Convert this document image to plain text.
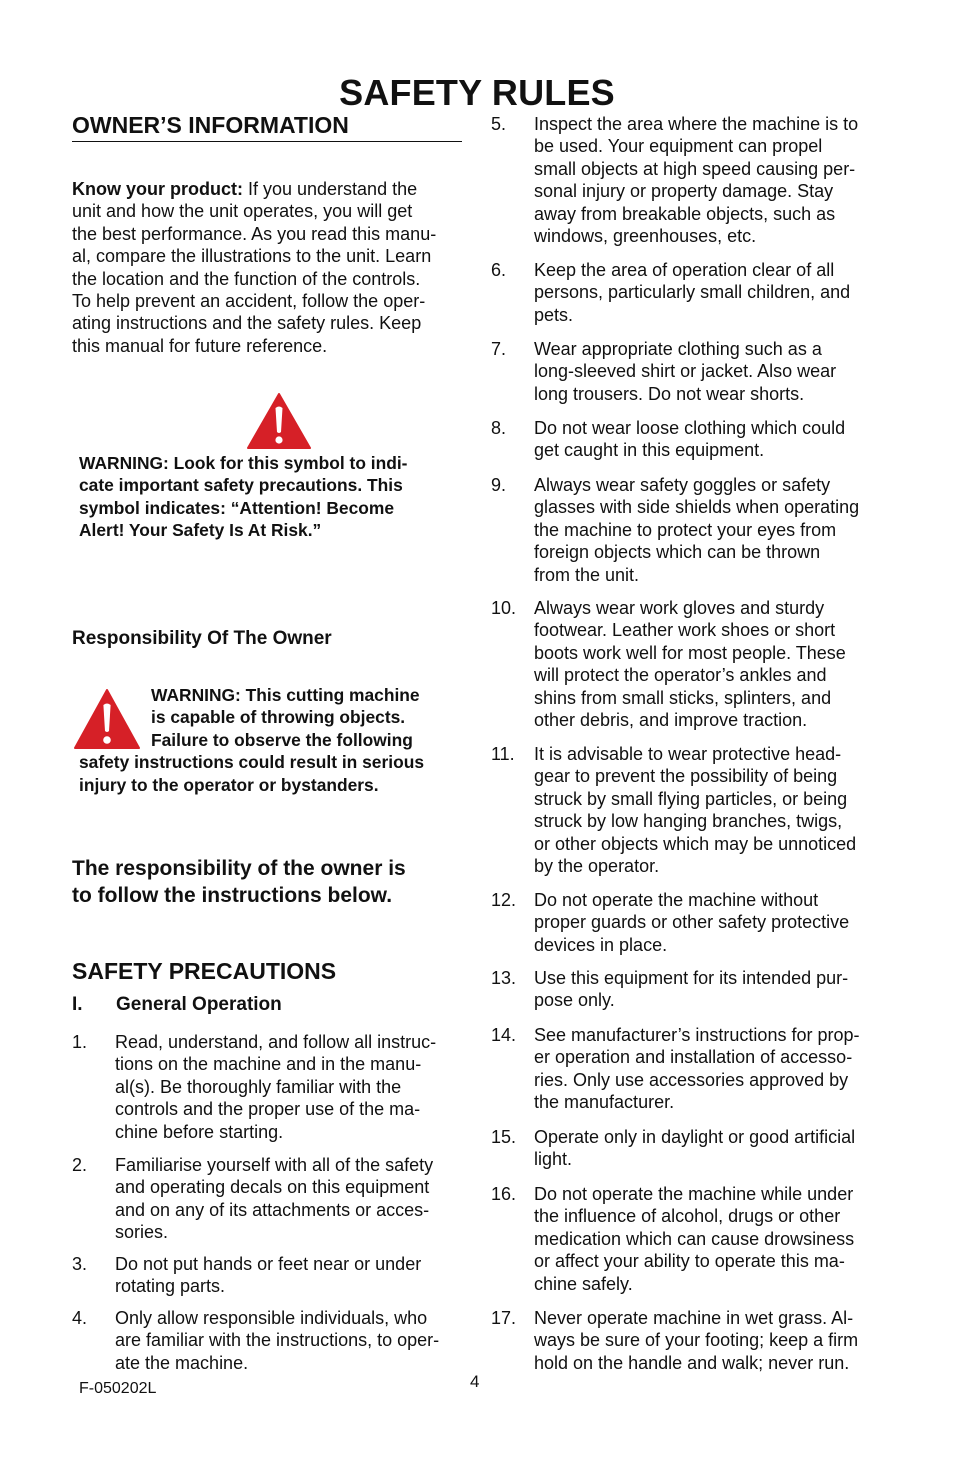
SAFETY RULES
OWNER’S INFORMATION
Know your product: If you understand the
unit and how the unit operates, you will get
the best performance. As you read this manu-
al, compare the illustrations to the unit. Learn
the location and the function of the controls.
To help prevent an accident, follow the oper-
ating instructions and the safety rules. Keep
this manual for future reference.
WARNING: Look for this symbol to indi-
cate important safety precautions. This
symbol indicates: “Attention! Become
Alert! Your Safety Is At Risk.”
Responsibility Of The Owner
WARNING: This cutting machine
is capable of throwing objects.
Failure to observe the following
safety instructions could result in serious
injury to the operator or bystanders.
The responsibility of the owner is
to follow the instructions below.
SAFETY PRECAUTIONS
I. General Operation
1. Read, understand, and follow all instruc-
tions on the machine and in the manu-
al(s). Be thoroughly familiar with the
controls and the proper use of the ma-
chine before starting.
2. Familiarise yourself with all of the safety
and operating decals on this equipment
and on any of its attachments or acces-
sories.
3. Do not put hands or feet near or under
rotating parts.
4. Only allow responsible individuals, who
are familiar with the instructions, to oper-
ate the machine.
5. Inspect the area where the machine is to
be used. Your equipment can propel
small objects at high speed causing per-
sonal injury or property damage. Stay
away from breakable objects, such as
windows, greenhouses, etc.
6. Keep the area of operation clear of all
persons, particularly small children, and
pets.
7. Wear appropriate clothing such as a
long-sleeved shirt or jacket. Also wear
long trousers. Do not wear shorts.
8. Do not wear loose clothing which could
get caught in this equipment.
9. Always wear safety goggles or safety
glasses with side shields when operating
the machine to protect your eyes from
foreign objects which can be thrown
from the unit.
10. Always wear work gloves and sturdy
footwear. Leather work shoes or short
boots work well for most people. These
will protect the operator’s ankles and
shins from small sticks, splinters, and
other debris, and improve traction.
11. It is advisable to wear protective head-
gear to prevent the possibility of being
struck by small flying particles, or being
struck by low hanging branches, twigs,
or other objects which may be unnoticed
by the operator.
12. Do not operate the machine without
proper guards or other safety protective
devices in place.
13. Use this equipment for its intended pur-
pose only.
14. See manufacturer’s instructions for prop-
er operation and installation of accesso-
ries. Only use accessories approved by
the manufacturer.
15. Operate only in daylight or good artificial
light.
16. Do not operate the machine while under
the influence of alcohol, drugs or other
medication which can cause drowsiness
or affect your ability to operate this ma-
chine safely.
17. Never operate machine in wet grass. Al-
ways be sure of your footing; keep a firm
hold on the handle and walk; never run.
F-050202L	4
